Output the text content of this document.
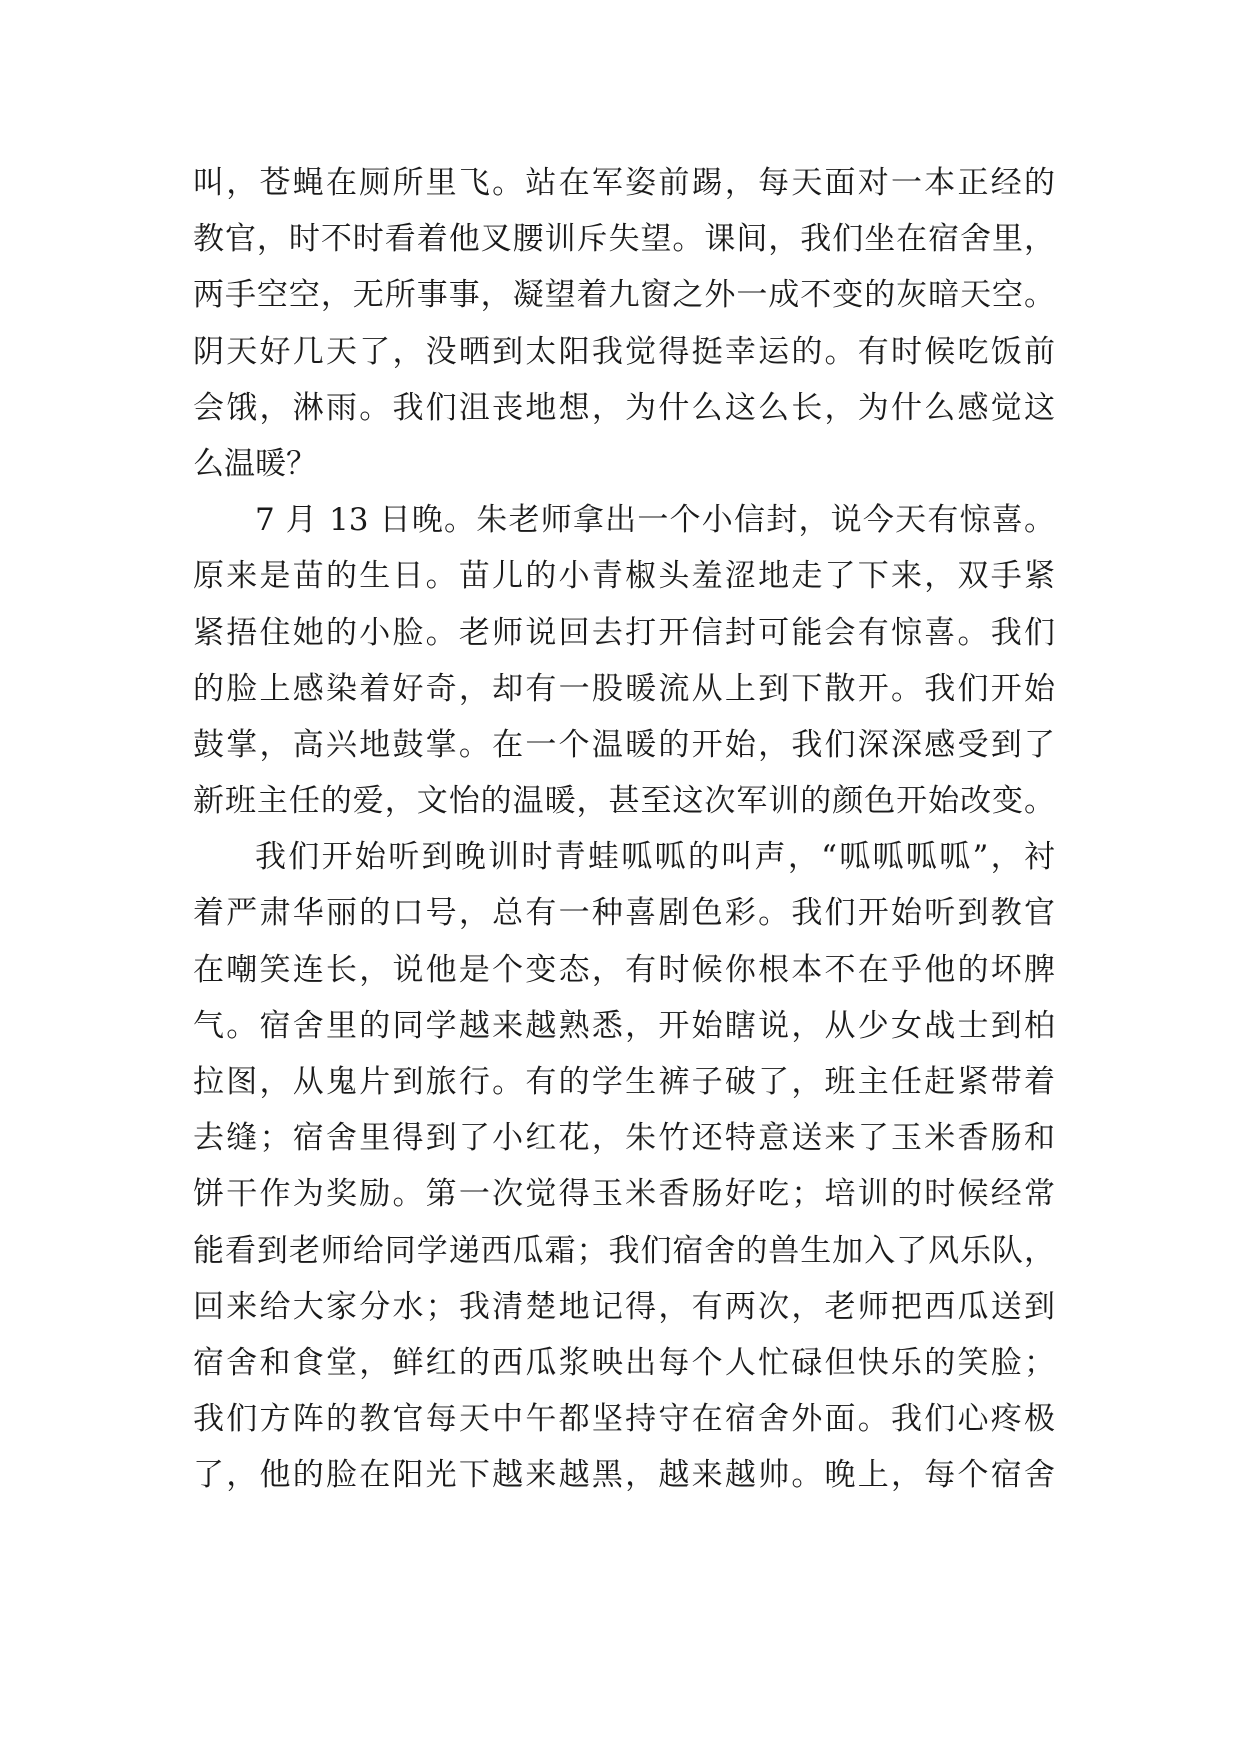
叫，苍蝇在厕所里飞。站在军姿前踢，每天面对一本正经的
教官，时不时看着他叉腰训斥失望。课间，我们坐在宿舍里，
两手空空，无所事事，凝望着九窗之外一成不变的灰暗天空。
阴天好几天了，没晒到太阳我觉得挺幸运的。有时候吃饭前
会饿，淋雨。我们沮丧地想，为什么这么长，为什么感觉这
么温暖？
7 月 13 日晚。朱老师拿出一个小信封，说今天有惊喜。
原来是苗的生日。苗儿的小青椒头羞涩地走了下来，双手紧
紧捂住她的小脸。老师说回去打开信封可能会有惊喜。我们
的脸上感染着好奇，却有一股暖流从上到下散开。我们开始
鼓掌，高兴地鼓掌。在一个温暖的开始，我们深深感受到了
新班主任的爱，文怡的温暖，甚至这次军训的颜色开始改变。
我们开始听到晚训时青蛙呱呱的叫声，“呱呱呱呱”，衬
着严肃华丽的口号，总有一种喜剧色彩。我们开始听到教官
在嘲笑连长，说他是个变态，有时候你根本不在乎他的坏脾
气。宿舍里的同学越来越熟悉，开始瞎说，从少女战士到柏
拉图，从鬼片到旅行。有的学生裤子破了，班主任赶紧带着
去缝；宿舍里得到了小红花，朱竹还特意送来了玉米香肠和
饼干作为奖励。第一次觉得玉米香肠好吃；培训的时候经常
能看到老师给同学递西瓜霜；我们宿舍的兽生加入了风乐队，
回来给大家分水；我清楚地记得，有两次，老师把西瓜送到
宿舍和食堂，鲜红的西瓜浆映出每个人忙碌但快乐的笑脸；
我们方阵的教官每天中午都坚持守在宿舍外面。我们心疼极
了，他的脸在阳光下越来越黑，越来越帅。晚上，每个宿舍
